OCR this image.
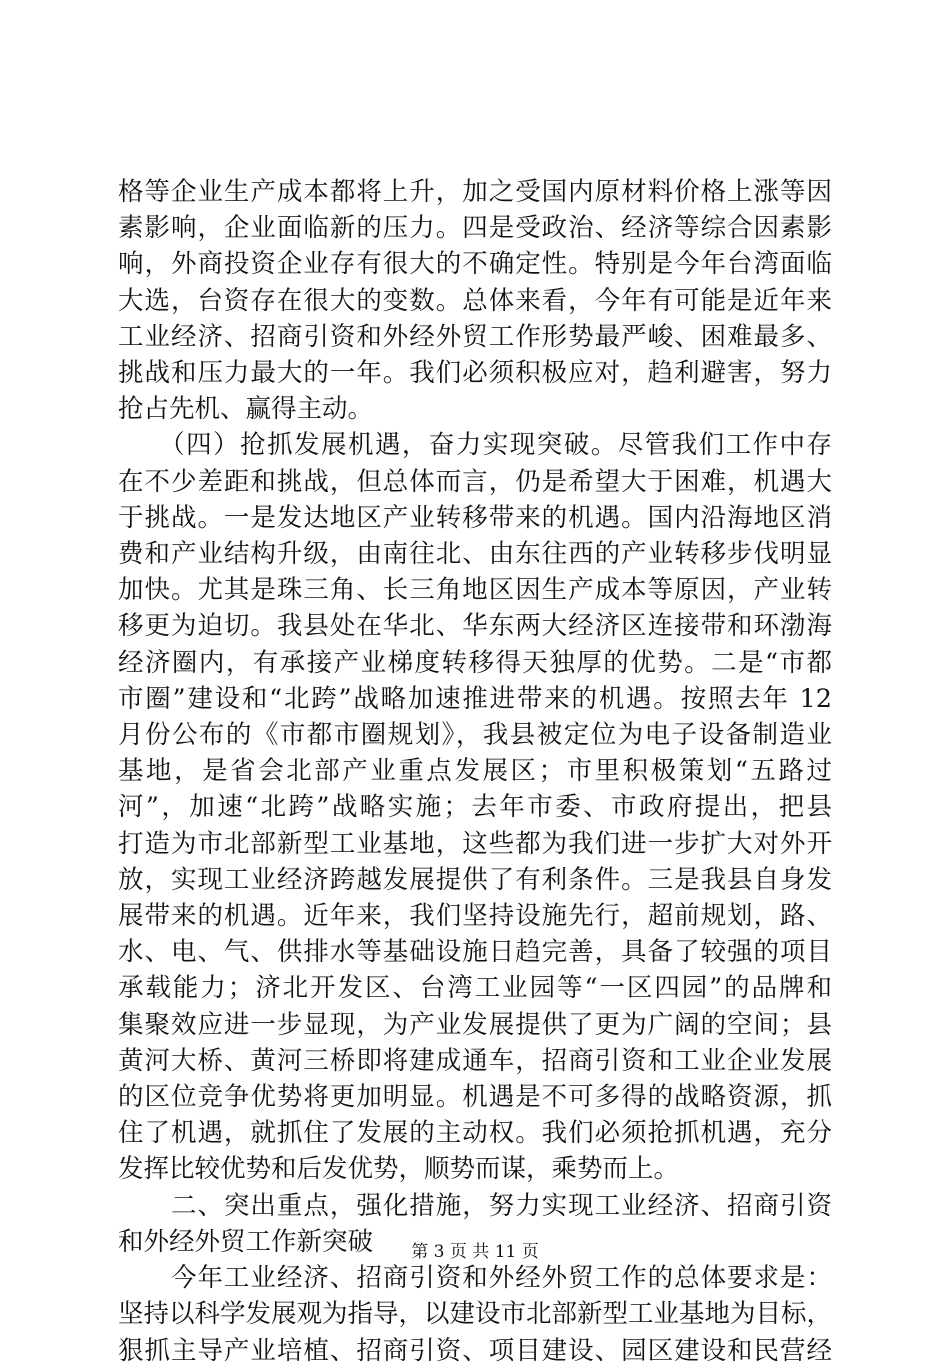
格等企业生产成本都将上升，加之受国内原材料价格上涨等因
素影响，企业面临新的压力。四是受政治、经济等综合因素影
响，外商投资企业存有很大的不确定性。特别是今年台湾面临
大选，台资存在很大的变数。总体来看，今年有可能是近年来
工业经济、招商引资和外经外贸工作形势最严峻、困难最多、
挑战和压力最大的一年。我们必须积极应对，趋利避害，努力
抢占先机、赢得主动。
　　（四）抢抓发展机遇，奋力实现突破。尽管我们工作中存
在不少差距和挑战，但总体而言，仍是希望大于困难，机遇大
于挑战。一是发达地区产业转移带来的机遇。国内沿海地区消
费和产业结构升级，由南往北、由东往西的产业转移步伐明显
加快。尤其是珠三角、长三角地区因生产成本等原因，产业转
移更为迫切。我县处在华北、华东两大经济区连接带和环渤海
经济圈内，有承接产业梯度转移得天独厚的优势。二是“市都
市圈”建设和“北跨”战略加速推进带来的机遇。按照去年 12
月份公布的《市都市圈规划》，我县被定位为电子设备制造业
基地，是省会北部产业重点发展区；市里积极策划“五路过
河”，加速“北跨”战略实施；去年市委、市政府提出，把县
打造为市北部新型工业基地，这些都为我们进一步扩大对外开
放，实现工业经济跨越发展提供了有利条件。三是我县自身发
展带来的机遇。近年来，我们坚持设施先行，超前规划，路、
水、电、气、供排水等基础设施日趋完善，具备了较强的项目
承载能力；济北开发区、台湾工业园等“一区四园”的品牌和
集聚效应进一步显现，为产业发展提供了更为广阔的空间；县
黄河大桥、黄河三桥即将建成通车，招商引资和工业企业发展
的区位竞争优势将更加明显。机遇是不可多得的战略资源，抓
住了机遇，就抓住了发展的主动权。我们必须抢抓机遇，充分
发挥比较优势和后发优势，顺势而谋，乘势而上。
　　二、突出重点，强化措施，努力实现工业经济、招商引资
和外经外贸工作新突破
　　今年工业经济、招商引资和外经外贸工作的总体要求是：
坚持以科学发展观为指导，以建设市北部新型工业基地为目标，
狠抓主导产业培植、招商引资、项目建设、园区建设和民营经
第 3 页 共 11 页
